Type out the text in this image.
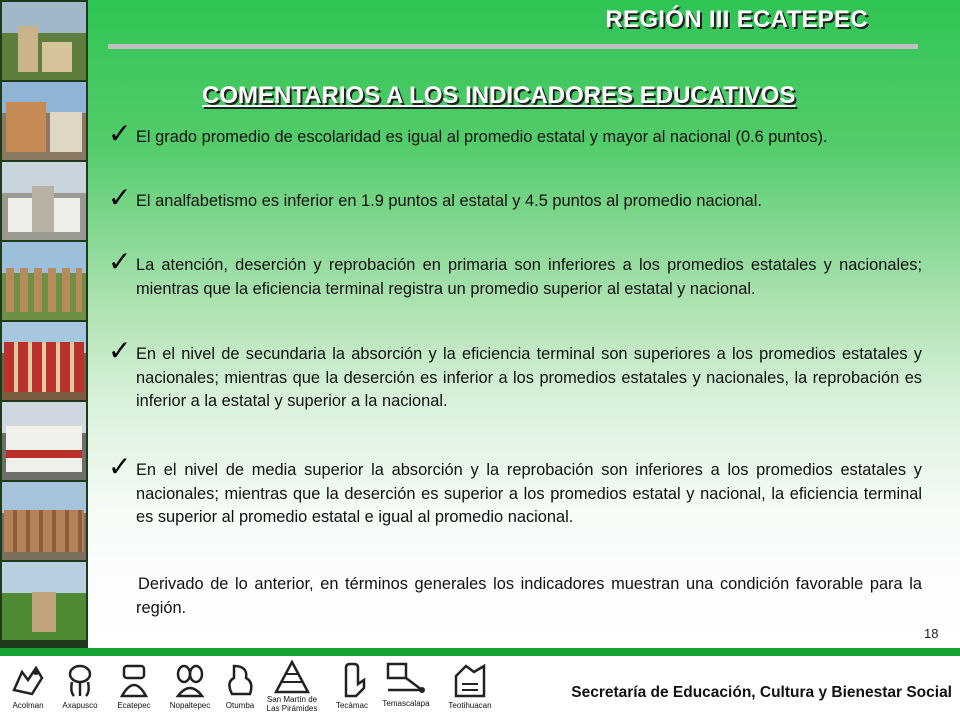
REGIÓN III ECATEPEC
COMENTARIOS A LOS INDICADORES EDUCATIVOS
✓ El grado promedio de escolaridad es igual al promedio estatal y mayor al nacional (0.6 puntos).
✓ El analfabetismo es inferior en 1.9 puntos al estatal y 4.5 puntos al promedio nacional.
✓ La atención, deserción y reprobación en primaria son inferiores a los promedios estatales y nacionales; mientras que la eficiencia terminal registra un promedio superior al estatal y nacional.
✓ En el nivel de secundaria la absorción y la eficiencia terminal son superiores a los promedios estatales y nacionales; mientras que la deserción es inferior a los promedios estatales y nacionales, la reprobación es inferior a la estatal y superior a la nacional.
✓ En el nivel de media superior la absorción y la reprobación son inferiores a los promedios estatales y nacionales; mientras que la deserción es superior a los promedios estatal y nacional, la eficiencia terminal es superior al promedio estatal e igual al promedio nacional.
Derivado de lo anterior, en términos generales los indicadores muestran una condición favorable para la región.
18
Acolman	Axapusco	Ecatepec	Nopaltepec	Otumba
San Martín de Las Pirámides	Tecámac	Temascalapa	Teotihuacan
Secretaría de Educación, Cultura y Bienestar Social
